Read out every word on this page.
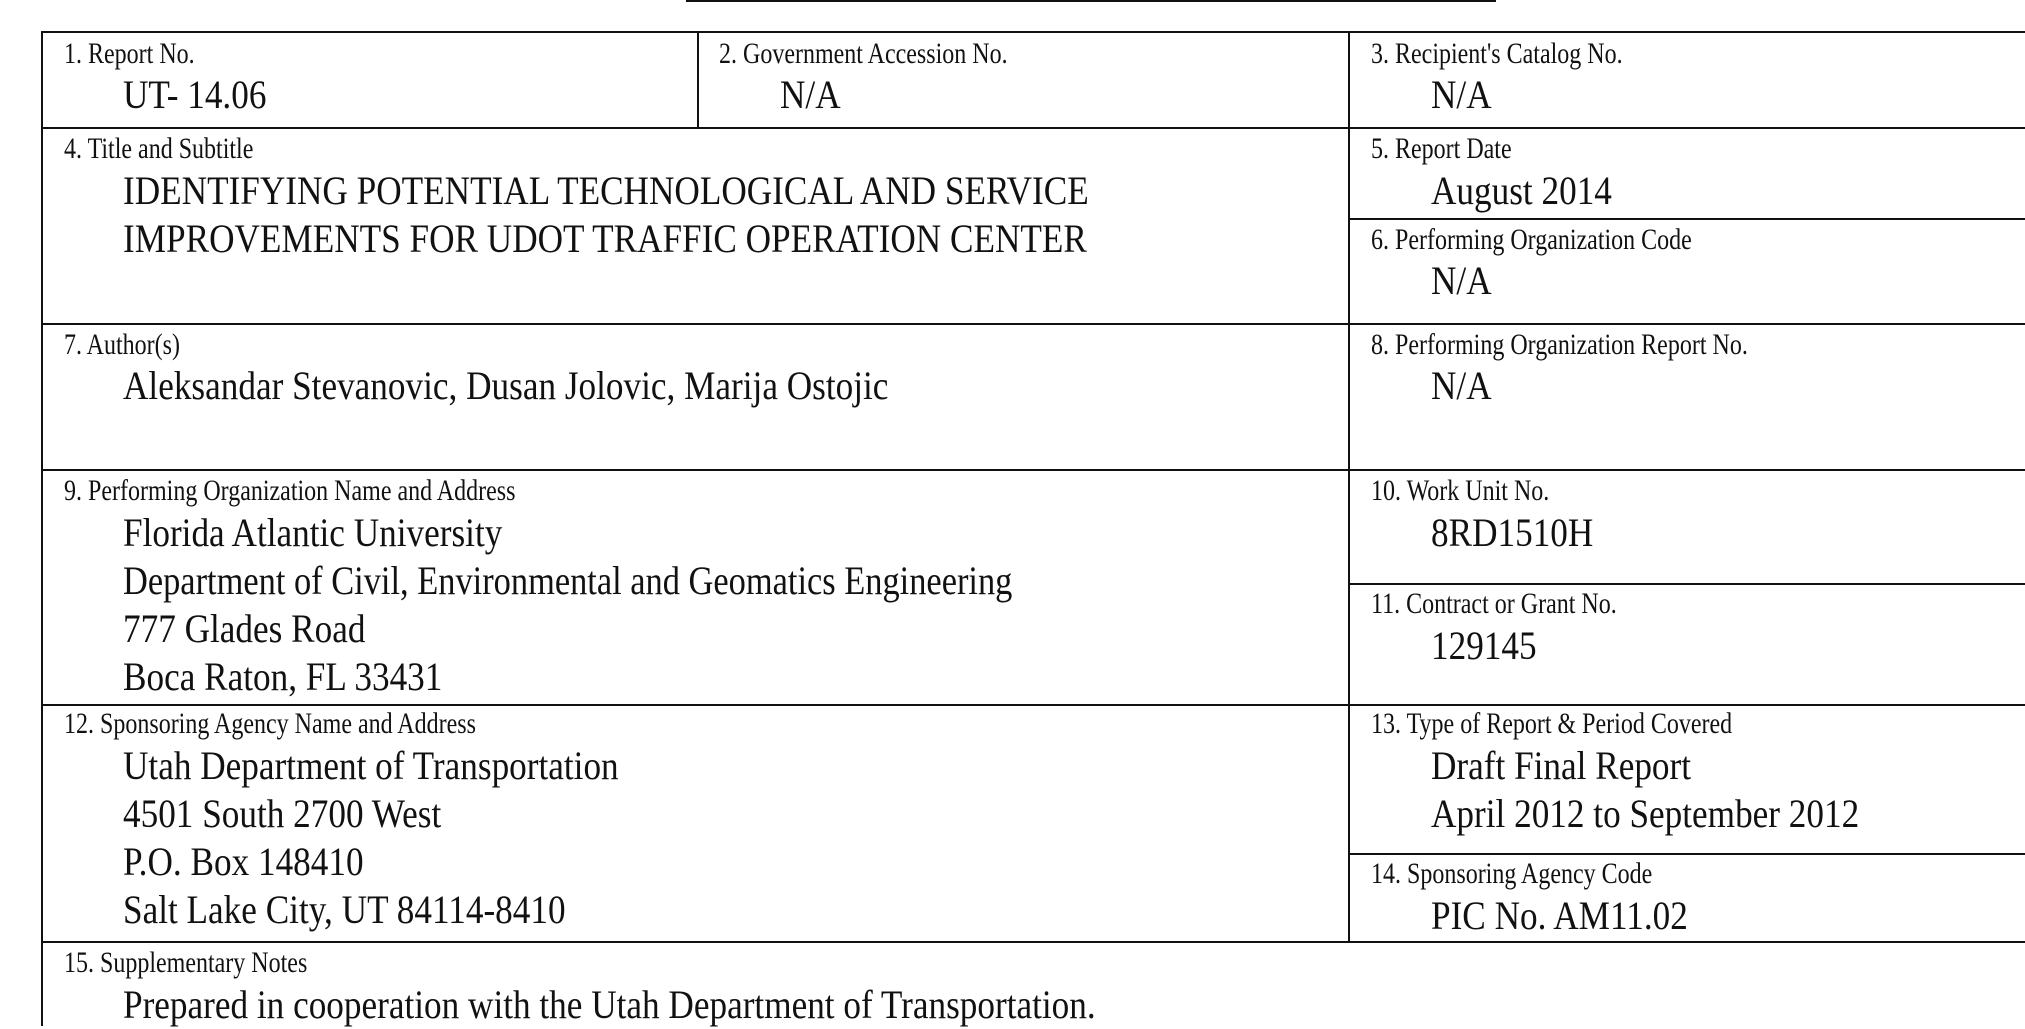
1. Report No.

UT- 14.06

2. Government Accession No.

N/A

3. Recipient's Catalog No.

N/A

4. Title and Subtitle

IDENTIFYING POTENTIAL TECHNOLOGICAL AND SERVICE

IMPROVEMENTS FOR UDOT TRAFFIC OPERATION CENTER

5. Report Date

August 2014

6. Performing Organization Code

N/A

7. Author(s)

Aleksandar Stevanovic, Dusan Jolovic, Marija Ostojic

8. Performing Organization Report No.

N/A

9. Performing Organization Name and Address

Florida Atlantic University

Department of Civil, Environmental and Geomatics Engineering

777 Glades Road

Boca Raton, FL 33431

10. Work Unit No.

8RD1510H

11. Contract or Grant No.

129145

12. Sponsoring Agency Name and Address

Utah Department of Transportation

4501 South 2700 West

P.O. Box 148410

Salt Lake City, UT 84114-8410

13. Type of Report & Period Covered

Draft Final Report

April 2012 to September 2012

14. Sponsoring Agency Code

PIC No. AM11.02

15. Supplementary Notes

Prepared in cooperation with the Utah Department of Transportation.
